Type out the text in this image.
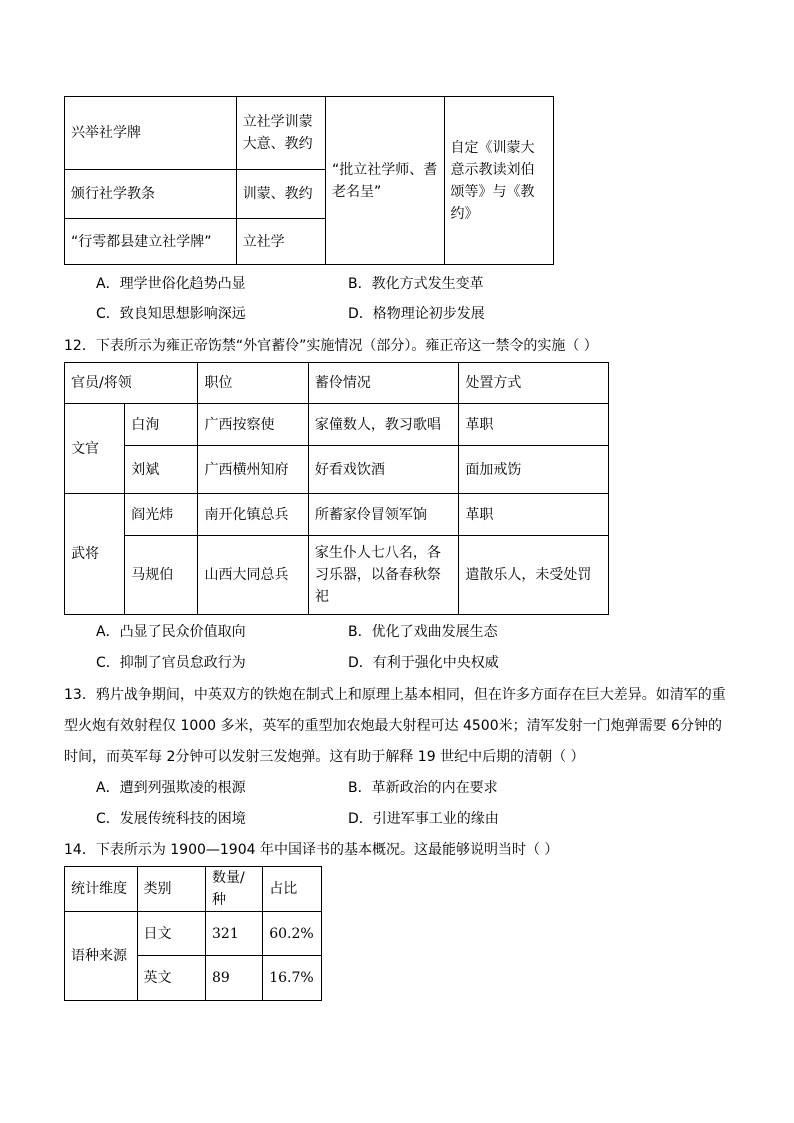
兴举社学牌	立社学训蒙大意、教约	“批立社学师、耆老名呈”	自定《训蒙大意示教读刘伯颂等》与《教约》
颁行社学教条	训蒙、教约		
“行雩都县建立社学牌”	立社学		
A．理学世俗化趋势凸显	B．教化方式发生变革
C．致良知思想影响深远	D．格物理论初步发展
12．下表所示为雍正帝饬禁“外官蓄伶”实施情况（部分）。雍正帝这一禁令的实施（ ）
官员/将领		职位	蓄伶情况	处置方式
文官	白洵	广西按察使	家僮数人，教习歌唱	革职
	刘斌	广西横州知府	好看戏饮酒	面加戒饬
武将	阎光炜	南开化镇总兵	所蓄家伶冒领军饷	革职
	马规伯	山西大同总兵	家生仆人七八名，各习乐器，以备春秋祭祀	遣散乐人，未受处罚
A．凸显了民众价值取向	B．优化了戏曲发展生态
C．抑制了官员怠政行为	D．有利于强化中央权威
13．鸦片战争期间，中英双方的铁炮在制式上和原理上基本相同，但在许多方面存在巨大差异。如清军的重型火炮有效射程仅 1000 多米，英军的重型加农炮最大射程可达 4500米；清军发射一门炮弹需要 6分钟的时间，而英军每 2分钟可以发射三发炮弹。这有助于解释 19 世纪中后期的清朝（ ）
A．遭到列强欺凌的根源	B．革新政治的内在要求
C．发展传统科技的困境	D．引进军事工业的缘由
14．下表所示为 1900—1904 年中国译书的基本概况。这最能够说明当时（ ）
统计维度	类别	数量/种	占比
语种来源	日文	321	60.2%
	英文	89	16.7%
